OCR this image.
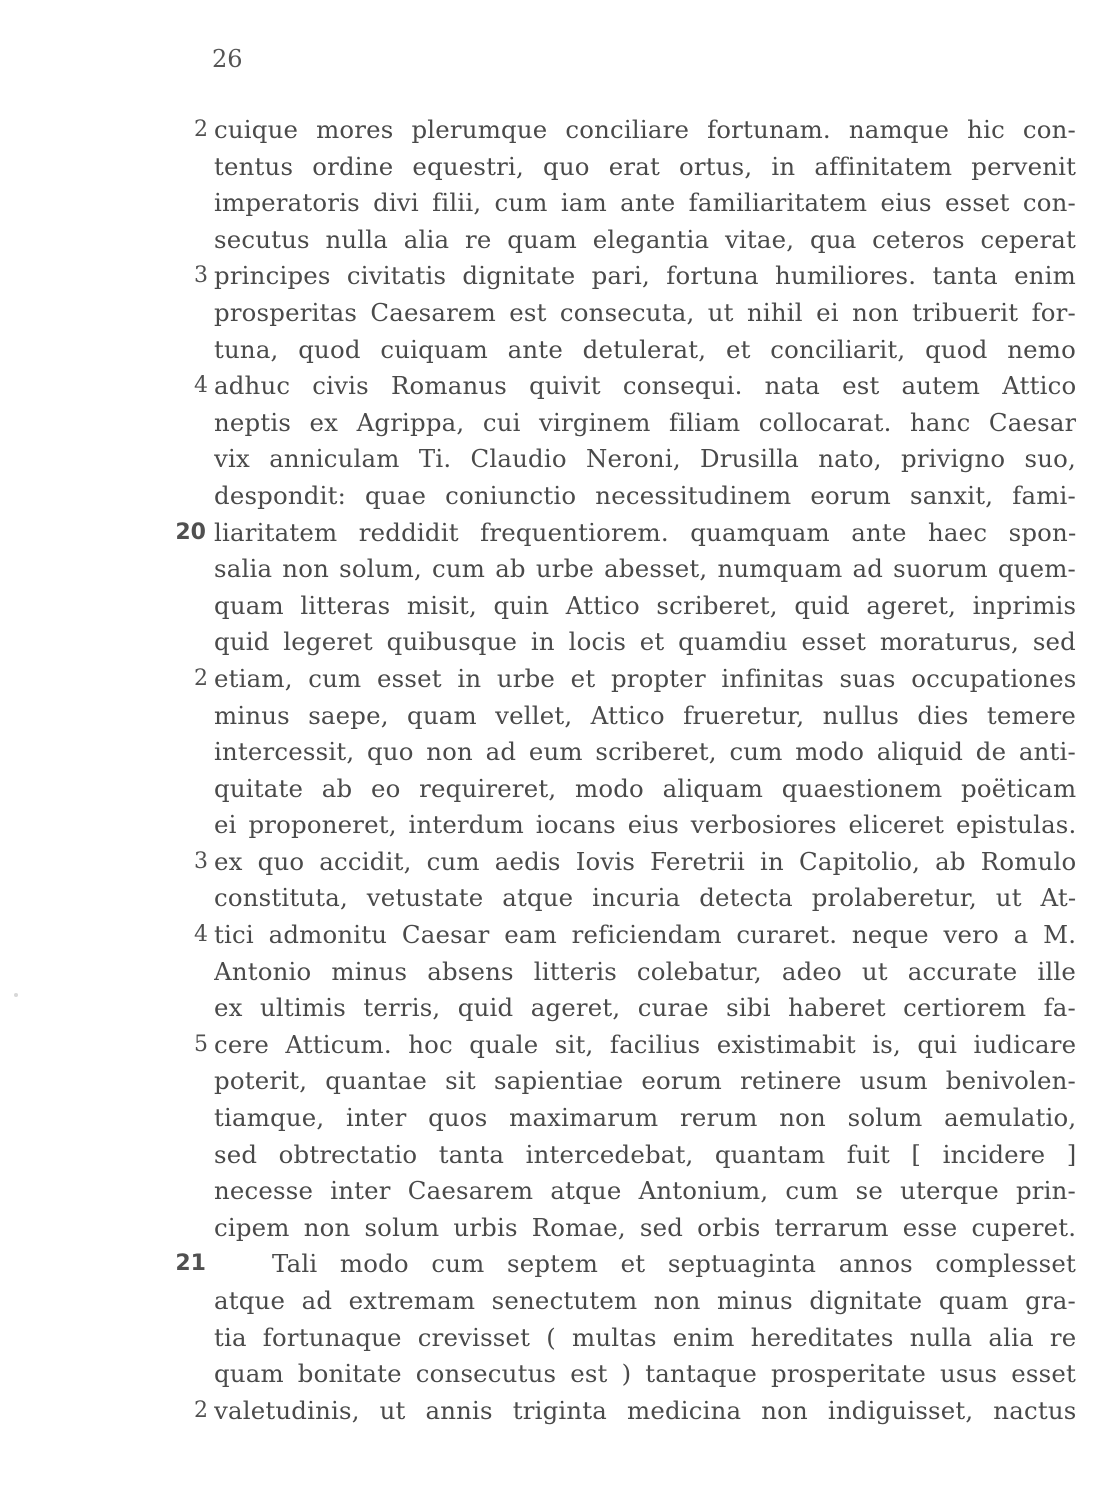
26
2 cuique mores plerumque conciliare fortunam. namque hic con-
tentus ordine equestri, quo erat ortus, in affinitatem pervenit
imperatoris divi filii, cum iam ante familiaritatem eius esset con-
secutus nulla alia re quam elegantia vitae, qua ceteros ceperat
3 principes civitatis dignitate pari, fortuna humiliores. tanta enim
prosperitas Caesarem est consecuta, ut nihil ei non tribuerit for-
tuna, quod cuiquam ante detulerat, et conciliarit, quod nemo
4 adhuc civis Romanus quivit consequi. nata est autem Attico
neptis ex Agrippa, cui virginem filiam collocarat. hanc Caesar
vix anniculam Ti. Claudio Neroni, Drusilla nato, privigno suo,
despondit: quae coniunctio necessitudinem eorum sanxit, fami-
20 liaritatem reddidit frequentiorem. quamquam ante haec spon-
salia non solum, cum ab urbe abesset, numquam ad suorum quem-
quam litteras misit, quin Attico scriberet, quid ageret, inprimis
quid legeret quibusque in locis et quamdiu esset moraturus, sed
2 etiam, cum esset in urbe et propter infinitas suas occupationes
minus saepe, quam vellet, Attico frueretur, nullus dies temere
intercessit, quo non ad eum scriberet, cum modo aliquid de anti-
quitate ab eo requireret, modo aliquam quaestionem poëticam
ei proponeret, interdum iocans eius verbosiores eliceret epistulas.
3 ex quo accidit, cum aedis Iovis Feretrii in Capitolio, ab Romulo
constituta, vetustate atque incuria detecta prolaberetur, ut At-
4 tici admonitu Caesar eam reficiendam curaret. neque vero a M.
Antonio minus absens litteris colebatur, adeo ut accurate ille
ex ultimis terris, quid ageret, curae sibi haberet certiorem fa-
5 cere Atticum. hoc quale sit, facilius existimabit is, qui iudicare
poterit, quantae sit sapientiae eorum retinere usum benivolen-
tiamque, inter quos maximarum rerum non solum aemulatio,
sed obtrectatio tanta intercedebat, quantam fuit [ incidere ]
necesse inter Caesarem atque Antonium, cum se uterque prin-
cipem non solum urbis Romae, sed orbis terrarum esse cuperet.
21	Tali modo cum septem et septuaginta annos complesset
atque ad extremam senectutem non minus dignitate quam gra-
tia fortunaque crevisset ( multas enim hereditates nulla alia re
quam bonitate consecutus est ) tantaque prosperitate usus esset
2 valetudinis, ut annis triginta medicina non indiguisset, nactus
